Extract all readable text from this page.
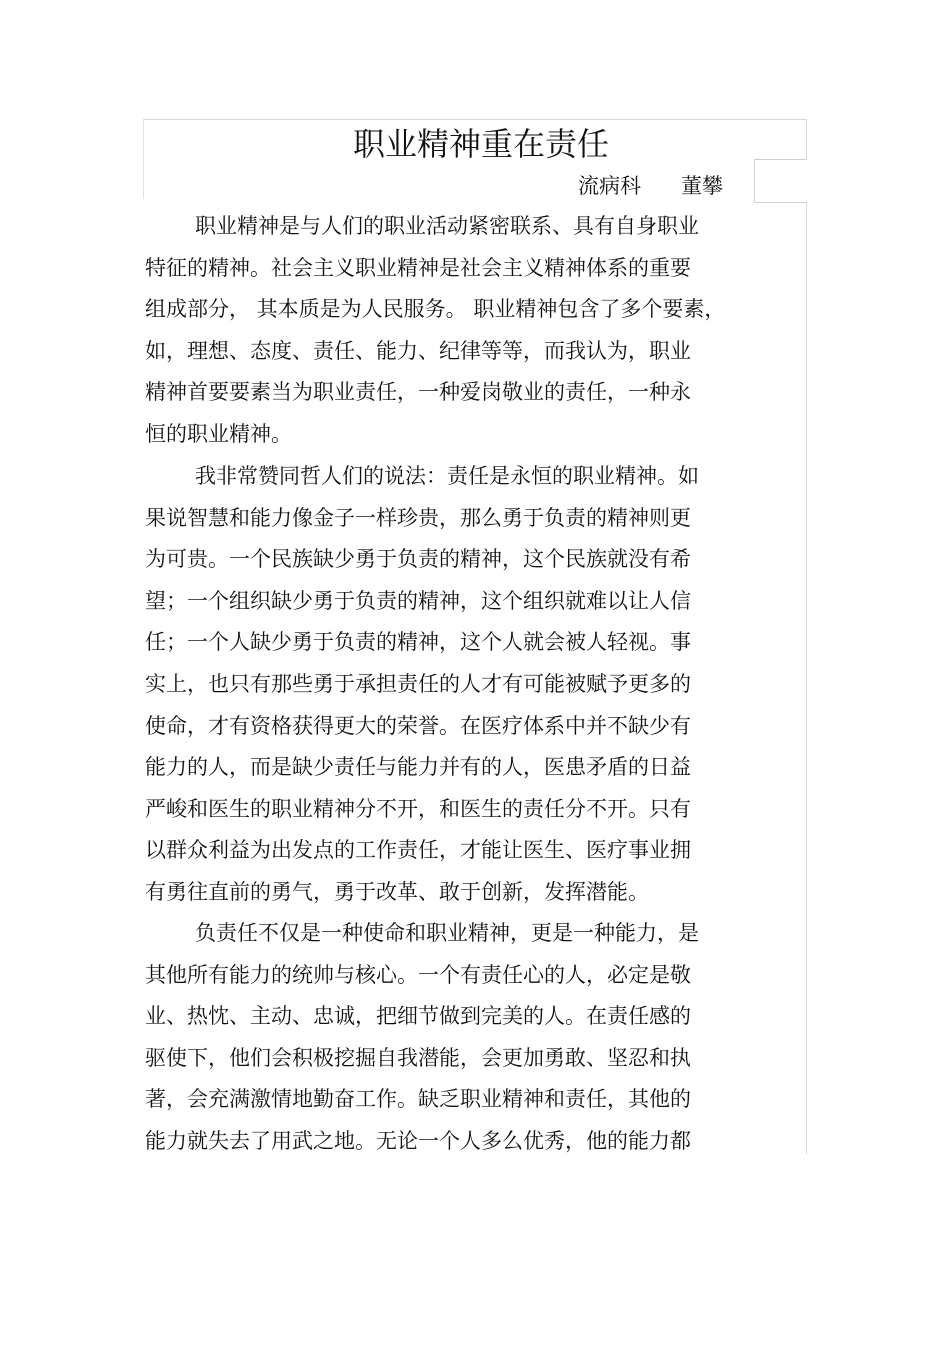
职业精神重在责任
流病科      董攀

职业精神是与人们的职业活动紧密联系、具有自身职业
特征的精神。社会主义职业精神是社会主义精神体系的重要
组成部分， 其本质是为人民服务。 职业精神包含了多个要素，
如，理想、态度、责任、能力、纪律等等，而我认为，职业
精神首要要素当为职业责任，一种爱岗敬业的责任，一种永
恒的职业精神。

我非常赞同哲人们的说法：责任是永恒的职业精神。如
果说智慧和能力像金子一样珍贵，那么勇于负责的精神则更
为可贵。一个民族缺少勇于负责的精神，这个民族就没有希
望；一个组织缺少勇于负责的精神，这个组织就难以让人信
任；一个人缺少勇于负责的精神，这个人就会被人轻视。事
实上，也只有那些勇于承担责任的人才有可能被赋予更多的
使命，才有资格获得更大的荣誉。在医疗体系中并不缺少有
能力的人，而是缺少责任与能力并有的人，医患矛盾的日益
严峻和医生的职业精神分不开，和医生的责任分不开。只有
以群众利益为出发点的工作责任，才能让医生、医疗事业拥
有勇往直前的勇气，勇于改革、敢于创新，发挥潜能。

负责任不仅是一种使命和职业精神，更是一种能力，是
其他所有能力的统帅与核心。一个有责任心的人，必定是敬
业、热忱、主动、忠诚，把细节做到完美的人。在责任感的
驱使下，他们会积极挖掘自我潜能，会更加勇敢、坚忍和执
著，会充满激情地勤奋工作。缺乏职业精神和责任，其他的
能力就失去了用武之地。无论一个人多么优秀，他的能力都
